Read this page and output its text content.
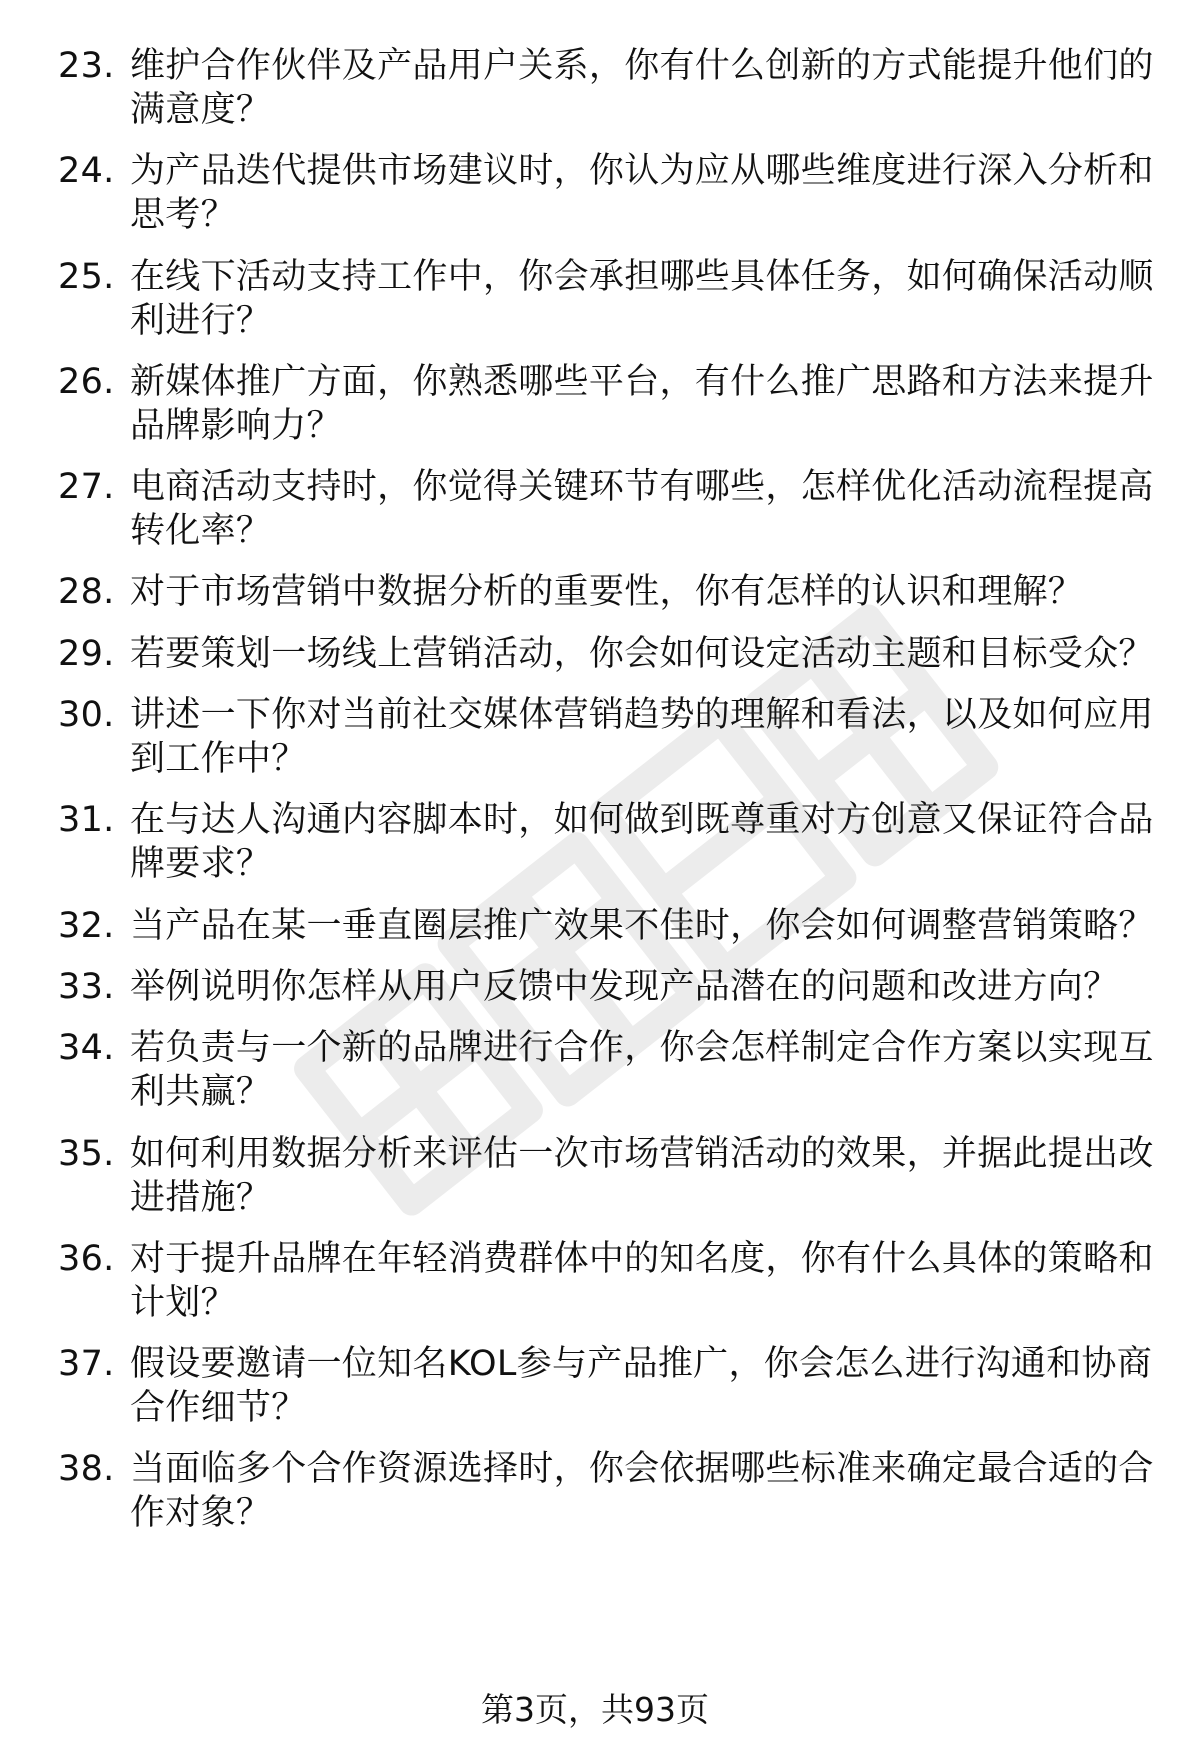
23. 维护合作伙伴及产品用户关系，你有什么创新的方式能提升他们的满意度？
24. 为产品迭代提供市场建议时，你认为应从哪些维度进行深入分析和思考？
25. 在线下活动支持工作中，你会承担哪些具体任务，如何确保活动顺利进行？
26. 新媒体推广方面，你熟悉哪些平台，有什么推广思路和方法来提升品牌影响力？
27. 电商活动支持时，你觉得关键环节有哪些，怎样优化活动流程提高转化率？
28. 对于市场营销中数据分析的重要性，你有怎样的认识和理解？
29. 若要策划一场线上营销活动，你会如何设定活动主题和目标受众？
30. 讲述一下你对当前社交媒体营销趋势的理解和看法，以及如何应用到工作中？
31. 在与达人沟通内容脚本时，如何做到既尊重对方创意又保证符合品牌要求？
32. 当产品在某一垂直圈层推广效果不佳时，你会如何调整营销策略？
33. 举例说明你怎样从用户反馈中发现产品潜在的问题和改进方向？
34. 若负责与一个新的品牌进行合作，你会怎样制定合作方案以实现互利共赢？
35. 如何利用数据分析来评估一次市场营销活动的效果，并据此提出改进措施？
36. 对于提升品牌在年轻消费群体中的知名度，你有什么具体的策略和计划？
37. 假设要邀请一位知名KOL参与产品推广，你会怎么进行沟通和协商合作细节？
38. 当面临多个合作资源选择时，你会依据哪些标准来确定最合适的合作对象？
第3页，共93页
